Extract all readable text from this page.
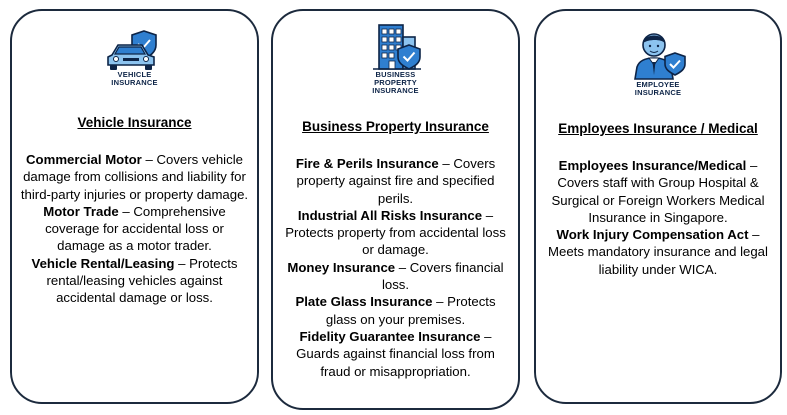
VEHICLE
INSURANCE
Vehicle Insurance

Commercial Motor – Covers vehicle damage from collisions and liability for third-party injuries or property damage.

Motor Trade – Comprehensive coverage for accidental loss or damage as a motor trader.

Vehicle Rental/Leasing – Protects rental/leasing vehicles against accidental damage or loss.

BUSINESS
PROPERTY
INSURANCE
Business Property Insurance

Fire & Perils Insurance – Covers property against fire and specified perils.

Industrial All Risks Insurance – Protects property from accidental loss or damage.

Money Insurance – Covers financial loss.

Plate Glass Insurance – Protects glass on your premises.

Fidelity Guarantee Insurance – Guards against financial loss from fraud or misappropriation.

EMPLOYEE
INSURANCE
Employees Insurance / Medical

Employees Insurance/Medical – Covers staff with Group Hospital & Surgical or Foreign Workers Medical Insurance in Singapore.

Work Injury Compensation Act – Meets mandatory insurance and legal liability under WICA.
